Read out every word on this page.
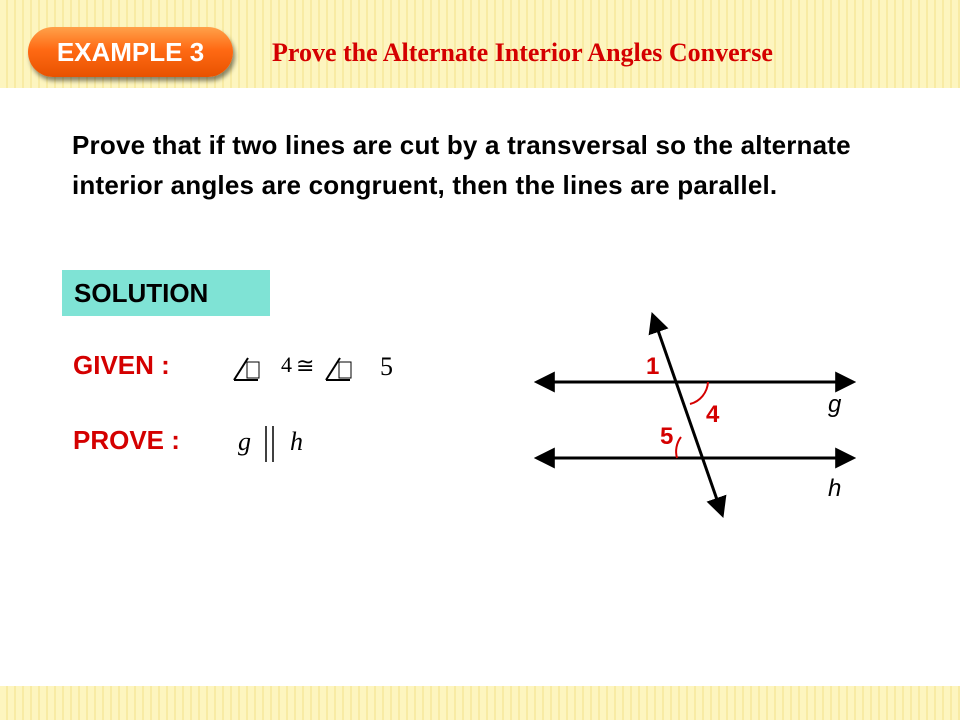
EXAMPLE 3	Prove the Alternate Interior Angles Converse
Prove that if two lines are cut by a transversal so the alternate interior angles are congruent, then the lines are parallel.
SOLUTION
GIVEN :	4 ≅	5
PROVE : g h
1
4
5
g
h
